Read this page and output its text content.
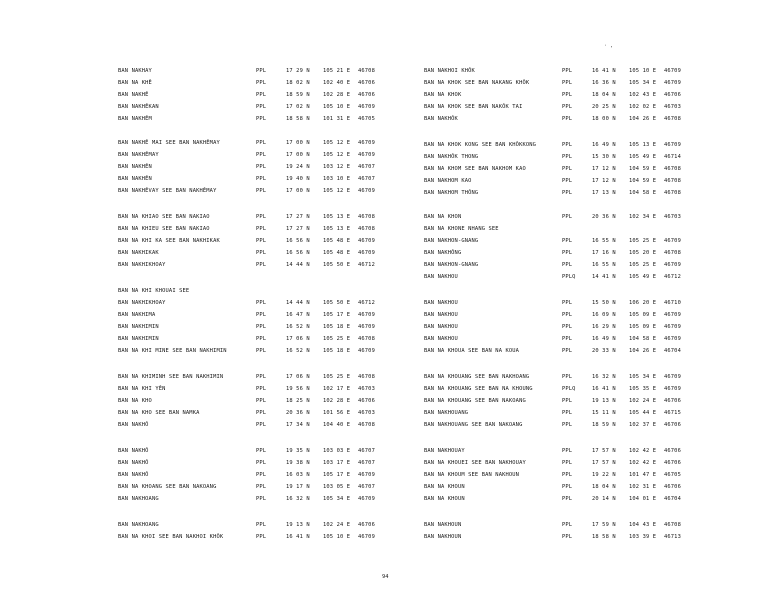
· ,
BAN NAKHAY	PPL	17 29 N 105 21 E 46708
BAN NA KHÊ	PPL	18 02 N 102 40 E 46706
BAN NAKHÊ	PPL	18 59 N 102 28 E 46706
BAN NAKHÊKAN	PPL	17 02 N 105 10 E 46709
BAN NAKHÊM	PPL	18 58 N 101 31 E 46705
BAN NAKHÊ MAI SEE BAN NAKHÊMAY	PPL	17 00 N 105 12 E 46709
BAN NAKHÊMAY	PPL	17 00 N 105 12 E 46709
BAN NAKHÊN	PPL	19 24 N 103 12 E 46707
BAN NAKHÊN	PPL	19 40 N 103 10 E 46707
BAN NAKHÊVAY SEE BAN NAKHÊMAY	PPL	17 00 N 105 12 E 46709
BAN NA KHIAO SEE BAN NAKIAO	PPL	17 27 N 105 13 E 46708
BAN NA KHIEU SEE BAN NAKIAO	PPL	17 27 N 105 13 E 46708
BAN NA KHI KA SEE BAN NAKHIKAK	PPL	16 56 N 105 48 E 46709
BAN NAKHIKAK	PPL	16 56 N 105 48 E 46709
BAN NAKHIKHOAY	PPL	14 44 N 105 50 E 46712
BAN NA KHI KHOUAI SEE
BAN NAKHIKHOAY	PPL	14 44 N 105 50 E 46712
BAN NAKHIMA	PPL	16 47 N 105 17 E 46709
BAN NAKHIMIN	PPL	16 52 N 105 18 E 46709
BAN NAKHIMIN	PPL	17 06 N 105 25 E 46708
BAN NA KHI MINE SEE BAN NAKHIMIN	PPL	16 52 N 105 18 E 46709
BAN NA KHIMINH SEE BAN NAKHIMIN	PPL	17 06 N 105 25 E 46708
BAN NA KHI YÊN	PPL	19 56 N 102 17 E 46703
BAN NA KHO	PPL	18 25 N 102 28 E 46706
BAN NA KHO SEE BAN NAMKA	PPL	20 36 N 101 56 E 46703
BAN NAKHÔ	PPL	17 34 N 104 40 E 46708
BAN NAKHÔ	PPL	19 35 N 103 03 E 46707
BAN NAKHÔ	PPL	19 38 N 103 17 E 46707
BAN NAKHÔ	PPL	16 03 N 105 17 E 46709
BAN NA KHOANG SEE BAN NAKOANG	PPL	19 17 N 103 05 E 46707
BAN NAKHOANG	PPL	16 32 N 105 34 E 46709
BAN NAKHOANG	PPL	19 13 N 102 24 E 46706
BAN NA KHOI SEE BAN NAKHOI KHÔK	PPL	16 41 N 105 10 E 46709
BAN NAKHOI KHÔK	PPL	16 41 N 105 10 E 46709
BAN NA KHOK SEE BAN NAKANG KHÔK	PPL	16 36 N 105 34 E 46709
BAN NA KHOK	PPL	18 04 N 102 43 E 46706
BAN NA KHOK SEE BAN NAKÔK TAI	PPL	20 25 N 102 02 E 46703
BAN NAKHÔK	PPL	18 00 N 104 26 E 46708
BAN NA KHOK KONG SEE BAN KHÔKKONG	PPL	16 49 N 105 13 E 46709
BAN NAKHÔK THONG	PPL	15 30 N 105 49 E 46714
BAN NA KHOM SEE BAN NAKHOM KAO	PPL	17 12 N 104 59 E 46708
BAN NAKHOM KAO	PPL	17 12 N 104 59 E 46708
BAN NAKHOM THÔNG	PPL	17 13 N 104 58 E 46708
BAN NA KHON	PPL	20 36 N 102 34 E 46703
BAN NA KHONE NHANG SEE
BAN NAKHON-GNANG	PPL	16 55 N 105 25 E 46709
BAN NAKHÔNG	PPL	17 16 N 105 20 E 46708
BAN NAKHON-GNANG	PPL	16 55 N 105 25 E 46709
BAN NAKHOU	PPLQ	14 41 N 105 49 E 46712
BAN NAKHOU	PPL	15 50 N 106 20 E 46710
BAN NAKHOU	PPL	16 09 N 105 09 E 46709
BAN NAKHOU	PPL	16 29 N 105 09 E 46709
BAN NAKHOU	PPL	16 49 N 104 58 E 46709
BAN NA KHOUA SEE BAN NA KOUA	PPL	20 33 N 104 26 E 46704
BAN NA KHOUANG SEE BAN NAKHOANG	PPL	16 32 N 105 34 E 46709
BAN NA KHOUANG SEE BAN NA KHOUNG	PPLQ	16 41 N 105 35 E 46709
BAN NA KHOUANG SEE BAN NAKOANG	PPL	19 13 N 102 24 E 46706
BAN NAKHOUANG	PPL	15 11 N 105 44 E 46715
BAN NAKHOUANG SEE BAN NAKOANG	PPL	18 59 N 102 37 E 46706
BAN NAKHOUAY	PPL	17 57 N 102 42 E 46706
BAN NA KHOUEI SEE BAN NAKHOUAY	PPL	17 57 N 102 42 E 46706
BAN NA KHOUM SEE BAN NAKHOUN	PPL	19 22 N 101 47 E 46705
BAN NA KHOUN	PPL	18 04 N 102 31 E 46706
BAN NA KHOUN	PPL	20 14 N 104 01 E 46704
BAN NAKHOUN	PPL	17 59 N 104 43 E 46708
BAN NAKHOUN	PPL	18 58 N 103 39 E 46713
94
